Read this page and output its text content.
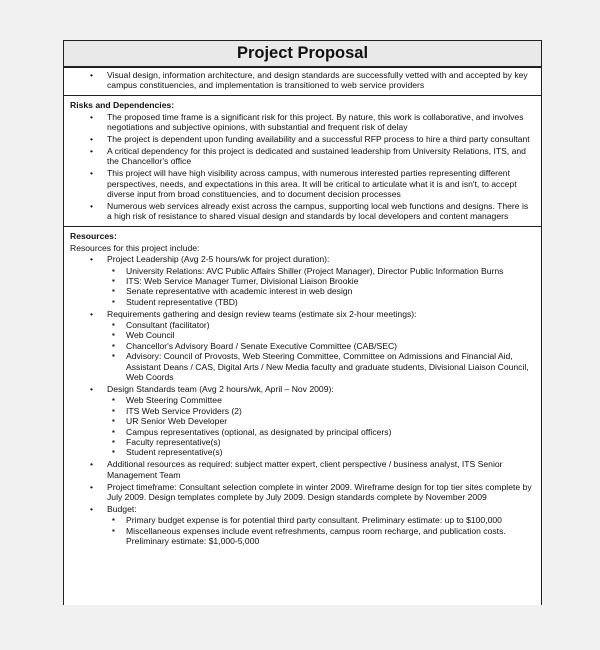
Project Proposal
• Visual design, information architecture, and design standards are successfully vetted with and accepted by key campus constituencies, and implementation is transitioned to web service providers
Risks and Dependencies:
• The proposed time frame is a significant risk for this project. By nature, this work is collaborative, and involves negotiations and subjective opinions, with substantial and frequent risk of delay
• The project is dependent upon funding availability and a successful RFP process to hire a third party consultant
• A critical dependency for this project is dedicated and sustained leadership from University Relations, ITS, and the Chancellor's office
• This project will have high visibility across campus, with numerous interested parties representing different perspectives, needs, and expectations in this area. It will be critical to articulate what it is and isn't, to accept diverse input from broad constituencies, and to document decision processes
• Numerous web services already exist across the campus, supporting local web functions and designs. There is a high risk of resistance to shared visual design and standards by local developers and content managers
Resources:
Resources for this project include:
• Project Leadership (Avg 2-5 hours/wk for project duration):
▪ University Relations: AVC Public Affairs Shiller (Project Manager), Director Public Information Burns
▪ ITS: Web Service Manager Turner, Divisional Liaison Brookie
▪ Senate representative with academic interest in web design
▪ Student representative (TBD)
• Requirements gathering and design review teams (estimate six 2-hour meetings):
▪ Consultant (facilitator)
▪ Web Council
▪ Chancellor's Advisory Board / Senate Executive Committee (CAB/SEC)
▪ Advisory: Council of Provosts, Web Steering Committee, Committee on Admissions and Financial Aid, Assistant Deans / CAS, Digital Arts / New Media faculty and graduate students, Divisional Liaison Council, Web Coords
• Design Standards team (Avg 2 hours/wk, April – Nov 2009):
▪ Web Steering Committee
▪ ITS Web Service Providers (2)
▪ UR Senior Web Developer
▪ Campus representatives (optional, as designated by principal officers)
▪ Faculty representative(s)
▪ Student representative(s)
• Additional resources as required: subject matter expert, client perspective / business analyst, ITS Senior Management Team
• Project timeframe: Consultant selection complete in winter 2009. Wireframe design for top tier sites complete by July 2009. Design templates complete by July 2009. Design standards complete by November 2009
• Budget:
▪ Primary budget expense is for potential third party consultant. Preliminary estimate: up to $100,000
▪ Miscellaneous expenses include event refreshments, campus room recharge, and publication costs. Preliminary estimate: $1,000-5,000
